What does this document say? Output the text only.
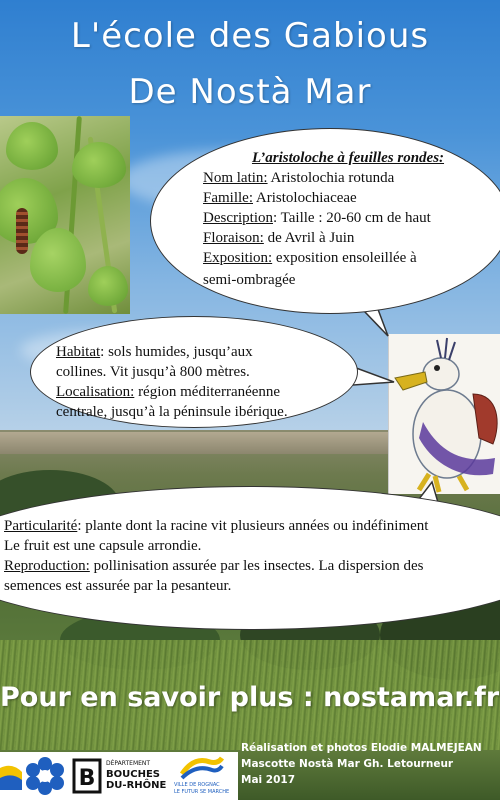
L'école des Gabious
De Nostà Mar
L’aristoloche à feuilles rondes:
Nom latin: Aristolochia rotunda
Famille: Aristolochiaceae
Description: Taille : 20-60 cm de haut
Floraison: de Avril à Juin
Exposition: exposition ensoleillée à
semi-ombragée
Habitat: sols humides, jusqu’aux
collines. Vit jusqu’à 800 mètres.
Localisation: région méditerranéenne
centrale, jusqu’à la péninsule ibérique.
Particularité: plante dont la racine vit plusieurs années ou indéfiniment
Le fruit est une capsule arrondie.
Reproduction: pollinisation assurée par les insectes. La dispersion des
semences est assurée par la pesanteur.
Pour en savoir plus : nostamar.fr
B
DÉPARTEMENT
BOUCHES
DU-RHÔNE	VILLE DE ROGNAC
LE FUTUR SE MARCHE
Réalisation et photos Elodie MALMEJEAN
Mascotte Nostà Mar Gh. Letourneur
Mai 2017
